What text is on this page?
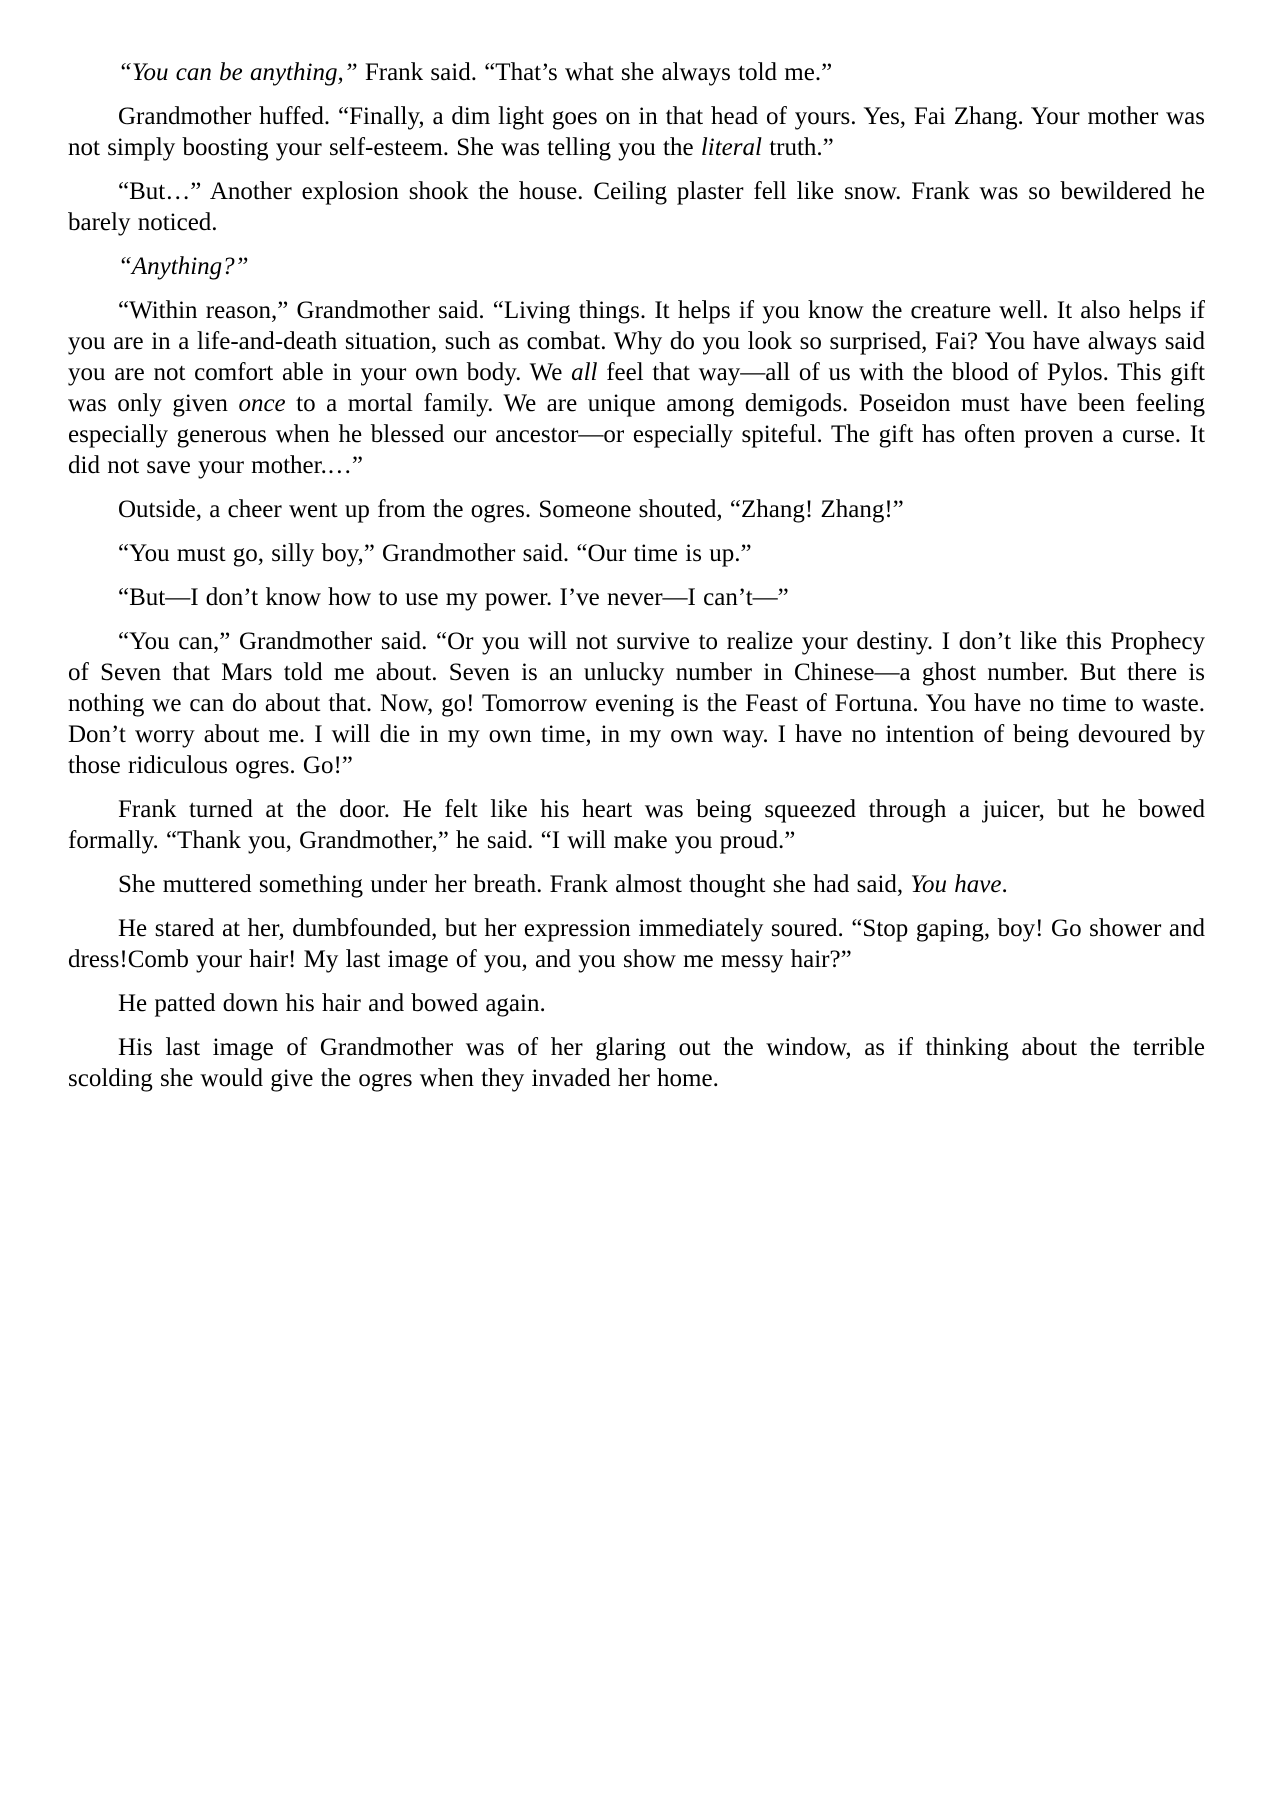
“You can be anything,” Frank said. “That’s what she always told me.”

Grandmother huffed. “Finally, a dim light goes on in that head of yours. Yes, Fai Zhang. Your mother was not simply boosting your self-esteem. She was telling you the literal truth.”

“But…” Another explosion shook the house. Ceiling plaster fell like snow. Frank was so bewildered he barely noticed.

“Anything?”

“Within reason,” Grandmother said. “Living things. It helps if you know the creature well. It also helps if you are in a life-and-death situation, such as combat. Why do you look so surprised, Fai? You have always said you are not comfort able in your own body. We all feel that way—all of us with the blood of Pylos. This gift was only given once to a mortal family. We are unique among demigods. Poseidon must have been feeling especially generous when he blessed our ancestor—or especially spiteful. The gift has often proven a curse. It did not save your mother.…”

Outside, a cheer went up from the ogres. Someone shouted, “Zhang! Zhang!”

“You must go, silly boy,” Grandmother said. “Our time is up.”

“But—I don’t know how to use my power. I’ve never—I can’t—”

“You can,” Grandmother said. “Or you will not survive to realize your destiny. I don’t like this Prophecy of Seven that Mars told me about. Seven is an unlucky number in Chinese—a ghost number. But there is nothing we can do about that. Now, go! Tomorrow evening is the Feast of Fortuna. You have no time to waste. Don’t worry about me. I will die in my own time, in my own way. I have no intention of being devoured by those ridiculous ogres. Go!”

Frank turned at the door. He felt like his heart was being squeezed through a juicer, but he bowed formally. “Thank you, Grandmother,” he said. “I will make you proud.”

She muttered something under her breath. Frank almost thought she had said, You have.

He stared at her, dumbfounded, but her expression immediately soured. “Stop gaping, boy! Go shower and dress!Comb your hair! My last image of you, and you show me messy hair?”

He patted down his hair and bowed again.

His last image of Grandmother was of her glaring out the window, as if thinking about the terrible scolding she would give the ogres when they invaded her home.
